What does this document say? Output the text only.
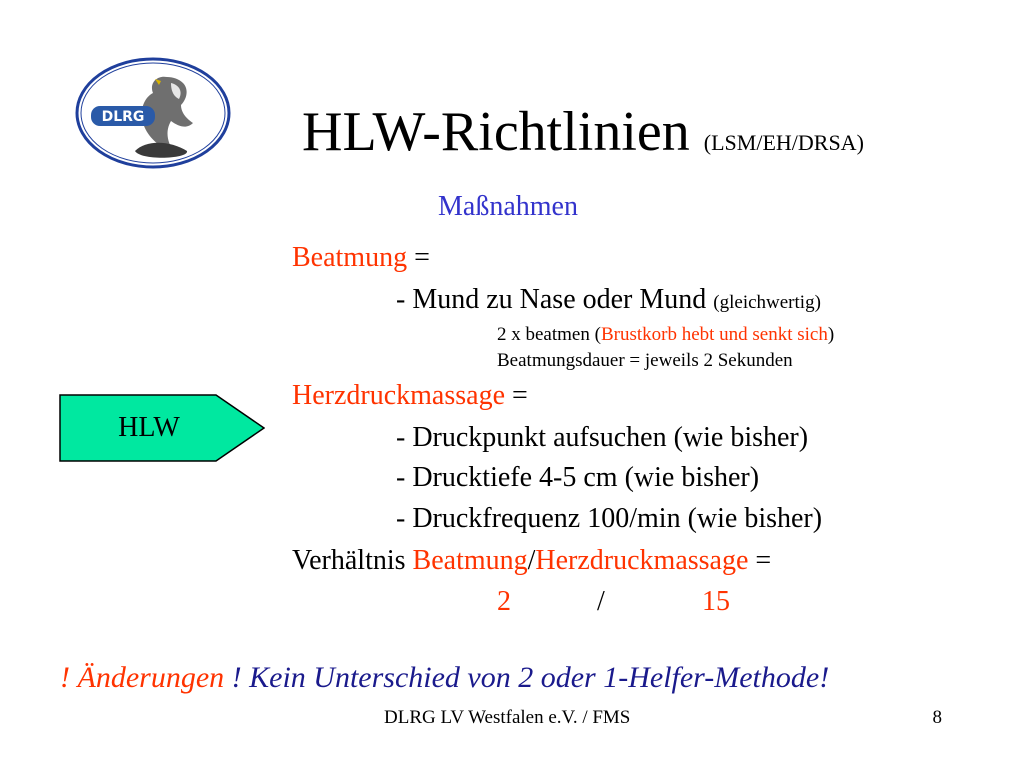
DLRG	HLW-Richtlinien (LSM/EH/DRSA)
Maßnahmen
Beatmung =
- Mund zu Nase oder Mund (gleichwertig)
2 x beatmen (Brustkorb hebt und senkt sich)
Beatmungsdauer = jeweils 2 Sekunden
Herzdruckmassage =
- Druckpunkt aufsuchen (wie bisher)
- Drucktiefe 4-5 cm (wie bisher)
- Druckfrequenz 100/min (wie bisher)
Verhältnis Beatmung/Herzdruckmassage =
2	/	15
HLW
! Änderungen ! Kein Unterschied von 2 oder 1-Helfer-Methode!
DLRG LV Westfalen e.V. / FMS	8
